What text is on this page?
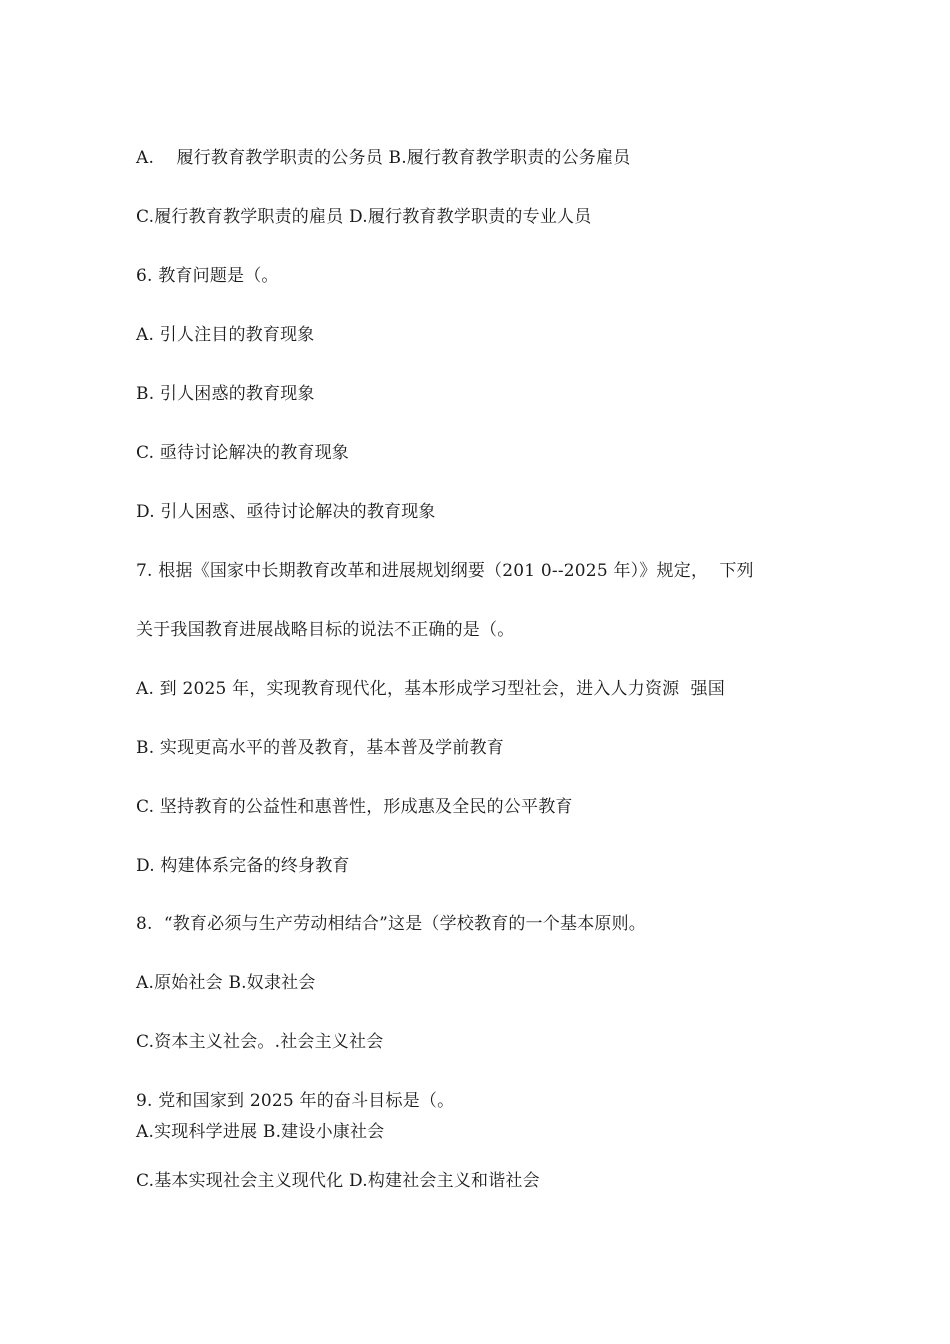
A.    履行教育教学职责的公务员 B.履行教育教学职责的公务雇员
C.履行教育教学职责的雇员 D.履行教育教学职责的专业人员
6. 教育问题是（。
A. 引人注目的教育现象
B. 引人困惑的教育现象
C. 亟待讨论解决的教育现象
D. 引人困惑、亟待讨论解决的教育现象
7. 根据《国家中长期教育改革和进展规划纲要（201 0--2025 年）》规定，  下列
关于我国教育进展战略目标的说法不正确的是（。
A. 到 2025 年，实现教育现代化，基本形成学习型社会，进入人力资源  强国
B. 实现更高水平的普及教育，基本普及学前教育
C. 坚持教育的公益性和惠普性，形成惠及全民的公平教育
D. 构建体系完备的终身教育
8.  “教育必须与生产劳动相结合”这是（学校教育的一个基本原则。
A.原始社会 B.奴隶社会
C.资本主义社会。.社会主义社会
9. 党和国家到 2025 年的奋斗目标是（。
A.实现科学进展 B.建设小康社会
C.基本实现社会主义现代化 D.构建社会主义和谐社会
